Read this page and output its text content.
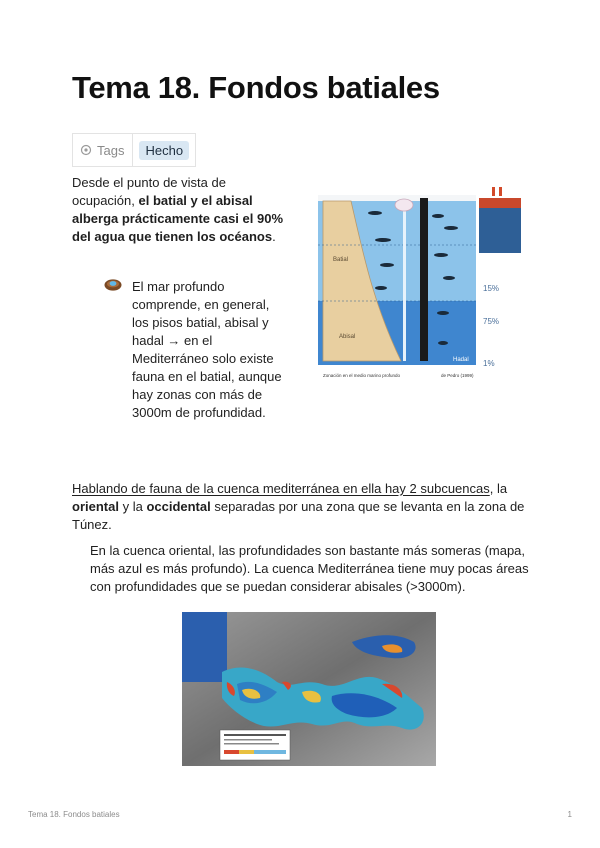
Tema 18. Fondos batiales
Tags	Hecho
Desde el punto de vista de ocupación, el batial y el abisal alberga prácticamente casi el 90% del agua que tienen los océanos.
El mar profundo comprende, en general, los pisos batial, abisal y hadal → en el Mediterráneo solo existe fauna en el batial, aunque hay zonas con más de 3000m de profundidad.
Batial
Abisal
Hadal
15%
75%
1%
Zonación en el medio marino profundo	de Pedro (1999)
Hablando de fauna de la cuenca mediterránea en ella hay 2 subcuencas, la oriental y la occidental separadas por una zona que se levanta en la zona de Túnez.
En la cuenca oriental, las profundidades son bastante más someras (mapa, más azul es más profundo). La cuenca Mediterránea tiene muy pocas áreas con profundidades que se puedan considerar abisales (>3000m).
Tema 18. Fondos batiales	1
